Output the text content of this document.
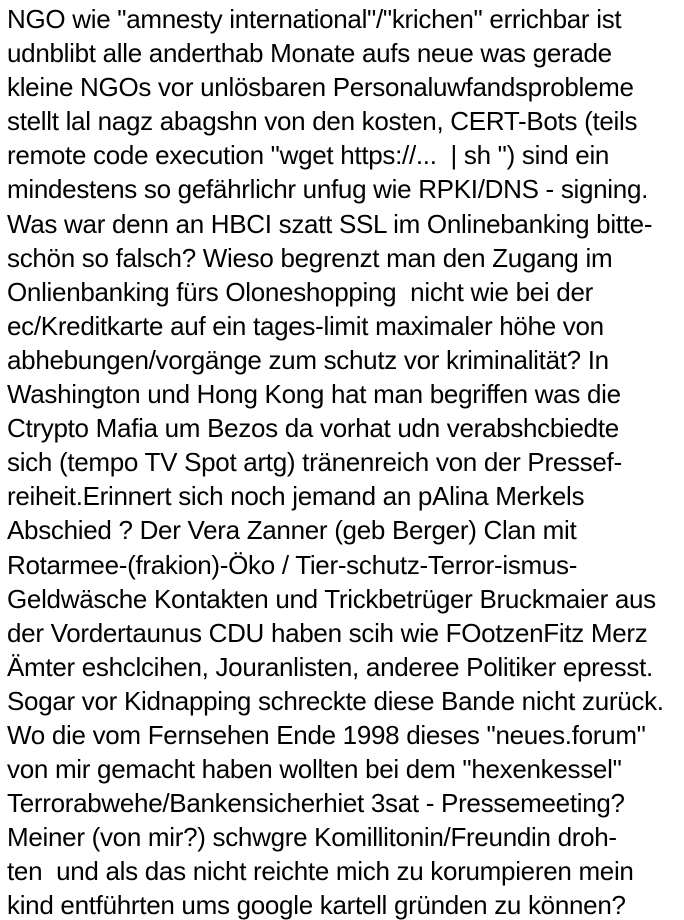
NGO wie "amnesty international"/"krichen" errichbar ist
udnblibt alle anderthab Monate aufs neue was gerade
kleine NGOs vor unlösbaren Personaluwfandsprobleme
stellt lal nagz abagshn von den kosten, CERT-Bots (teils
remote code execution "wget https://...  | sh ") sind ein
mindestens so gefährlichr unfug wie RPKI/DNS - signing.
Was war denn an HBCI szatt SSL im Onlinebanking bitte-
schön so falsch? Wieso begrenzt man den Zugang im
Onlienbanking fürs Oloneshopping  nicht wie bei der
ec/Kreditkarte auf ein tages-limit maximaler höhe von
abhebungen/vorgänge zum schutz vor kriminalität? In
Washington und Hong Kong hat man begriffen was die
Ctrypto Mafia um Bezos da vorhat udn verabshcbiedte
sich (tempo TV Spot artg) tränenreich von der Pressef-
reiheit.Erinnert sich noch jemand an pAlina Merkels
Abschied ? Der Vera Zanner (geb Berger) Clan mit
Rotarmee-(frakion)-Öko / Tier-schutz-Terror-ismus-
Geldwäsche Kontakten und Trickbetrüger Bruckmaier aus
der Vordertaunus CDU haben scih wie FOotzenFitz Merz
Ämter eshclcihen, Jouranlisten, anderee Politiker epresst.
Sogar vor Kidnapping schreckte diese Bande nicht zurück.
Wo die vom Fernsehen Ende 1998 dieses "neues.forum"
von mir gemacht haben wollten bei dem "hexenkessel"
Terrorabwehe/Bankensicherhiet 3sat - Pressemeeting?
Meiner (von mir?) schwgre Komillitonin/Freundin droh-
ten  und als das nicht reichte mich zu korumpieren mein
kind entführten ums google kartell gründen zu können?
